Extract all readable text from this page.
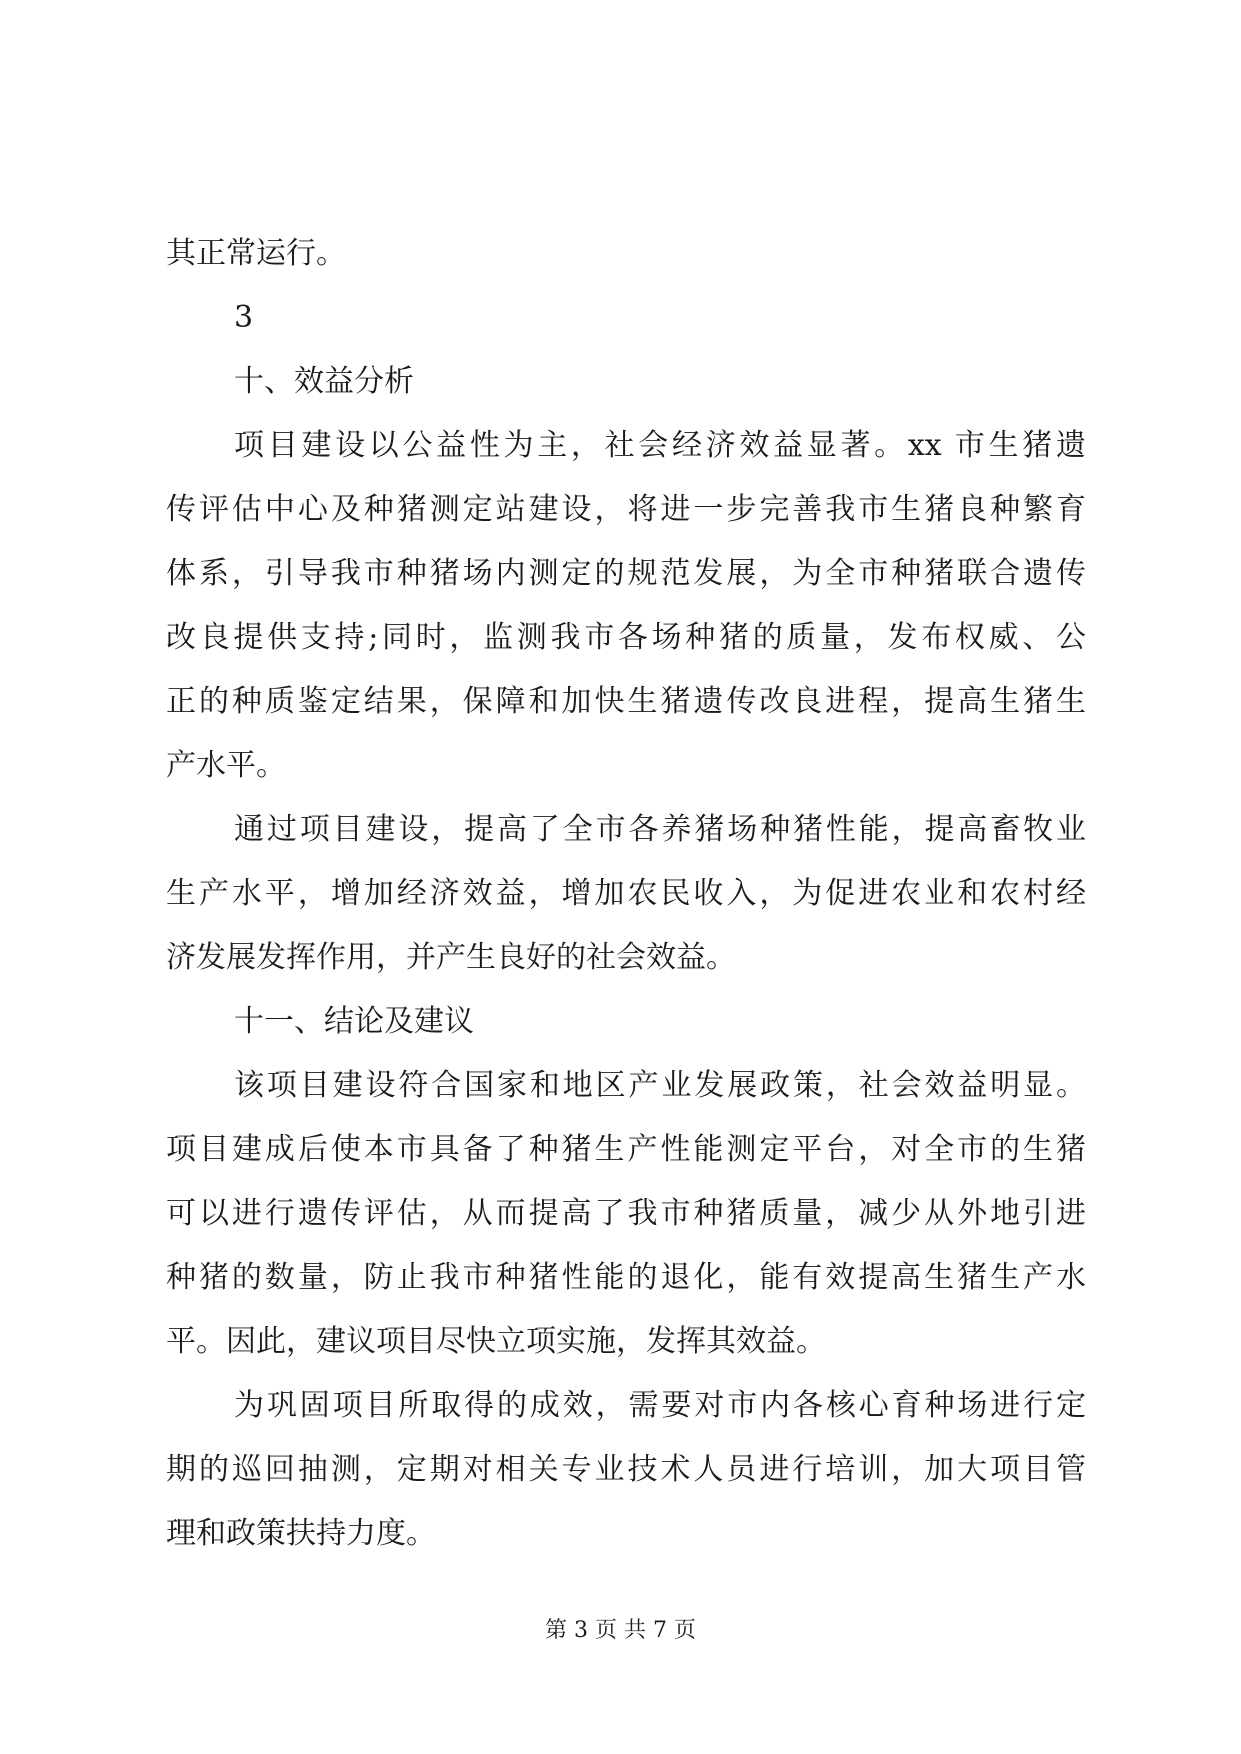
其正常运行。
3
十、效益分析
项目建设以公益性为主，社会经济效益显著。xx 市生猪遗
传评估中心及种猪测定站建设，将进一步完善我市生猪良种繁育
体系，引导我市种猪场内测定的规范发展，为全市种猪联合遗传
改良提供支持;同时，监测我市各场种猪的质量，发布权威、公
正的种质鉴定结果，保障和加快生猪遗传改良进程，提高生猪生
产水平。
通过项目建设，提高了全市各养猪场种猪性能，提高畜牧业
生产水平，增加经济效益，增加农民收入，为促进农业和农村经
济发展发挥作用，并产生良好的社会效益。
十一、结论及建议
该项目建设符合国家和地区产业发展政策，社会效益明显。
项目建成后使本市具备了种猪生产性能测定平台，对全市的生猪
可以进行遗传评估，从而提高了我市种猪质量，减少从外地引进
种猪的数量，防止我市种猪性能的退化，能有效提高生猪生产水
平。因此，建议项目尽快立项实施，发挥其效益。
为巩固项目所取得的成效，需要对市内各核心育种场进行定
期的巡回抽测，定期对相关专业技术人员进行培训，加大项目管
理和政策扶持力度。
第 3 页 共 7 页
